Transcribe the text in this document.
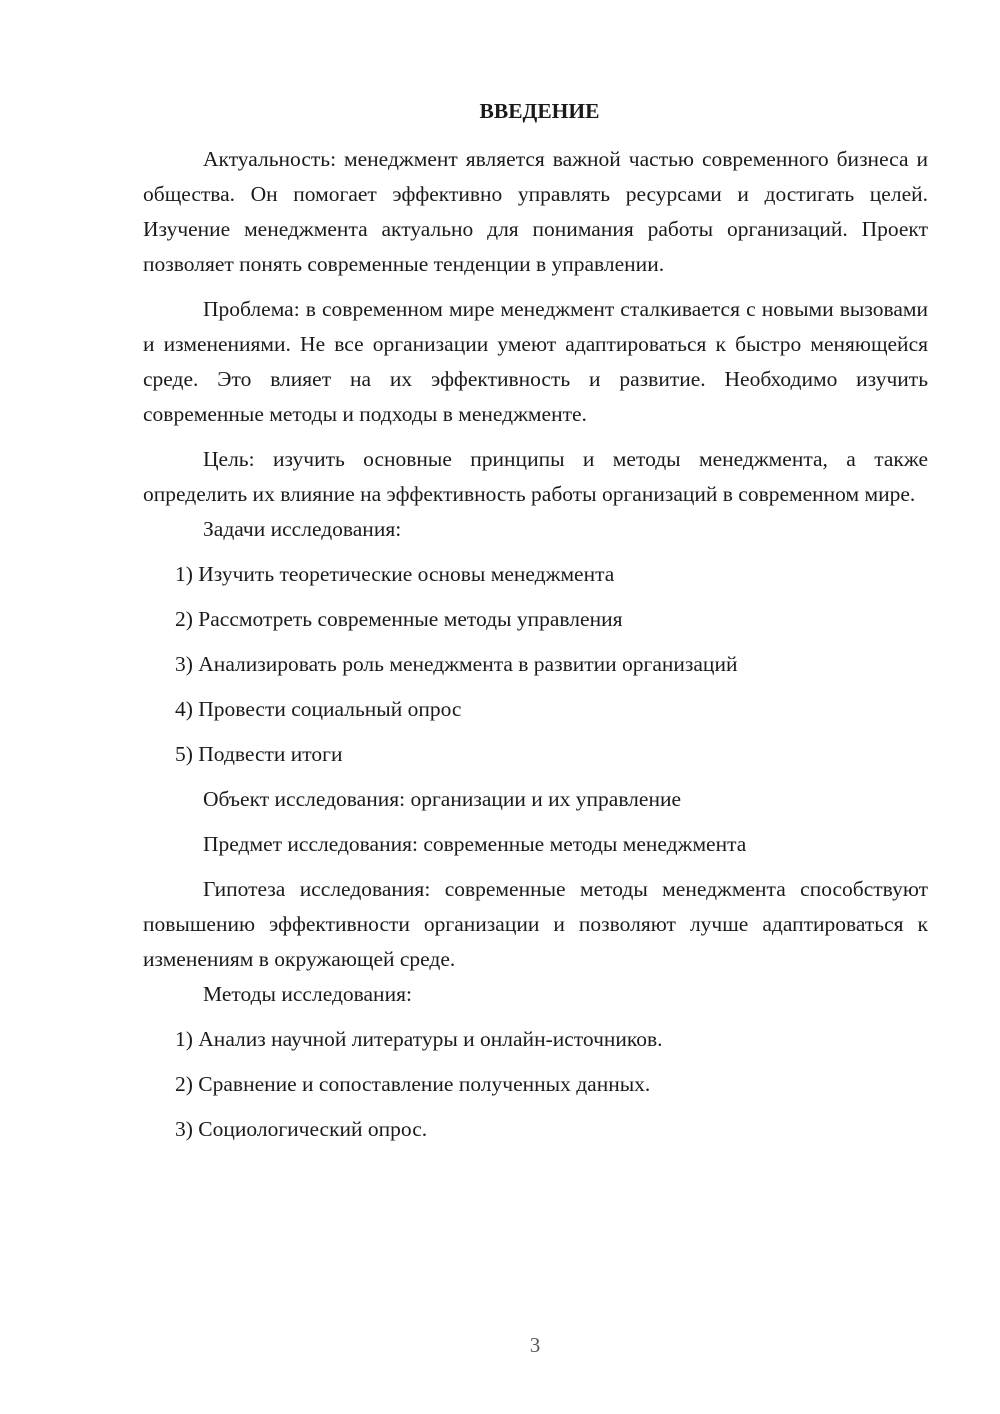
ВВЕДЕНИЕ

Актуальность: менеджмент является важной частью современного бизнеса и общества. Он помогает эффективно управлять ресурсами и достигать целей. Изучение менеджмента актуально для понимания работы организаций. Проект позволяет понять современные тенденции в управлении.

Проблема: в современном мире менеджмент сталкивается с новыми вызовами и изменениями. Не все организации умеют адаптироваться к быстро меняющейся среде. Это влияет на их эффективность и развитие. Необходимо изучить современные методы и подходы в менеджменте.

Цель: изучить основные принципы и методы менеджмента, а также определить их влияние на эффективность работы организаций в современном мире.

Задачи исследования:

1) Изучить теоретические основы менеджмента

2) Рассмотреть современные методы управления

3) Анализировать роль менеджмента в развитии организаций

4) Провести социальный опрос

5) Подвести итоги

Объект исследования: организации и их управление

Предмет исследования: современные методы менеджмента

Гипотеза исследования: современные методы менеджмента способствуют повышению эффективности организации и позволяют лучше адаптироваться к изменениям в окружающей среде.

Методы исследования:

1) Анализ научной литературы и онлайн-источников.

2) Сравнение и сопоставление полученных данных.

3) Социологический опрос.

3
